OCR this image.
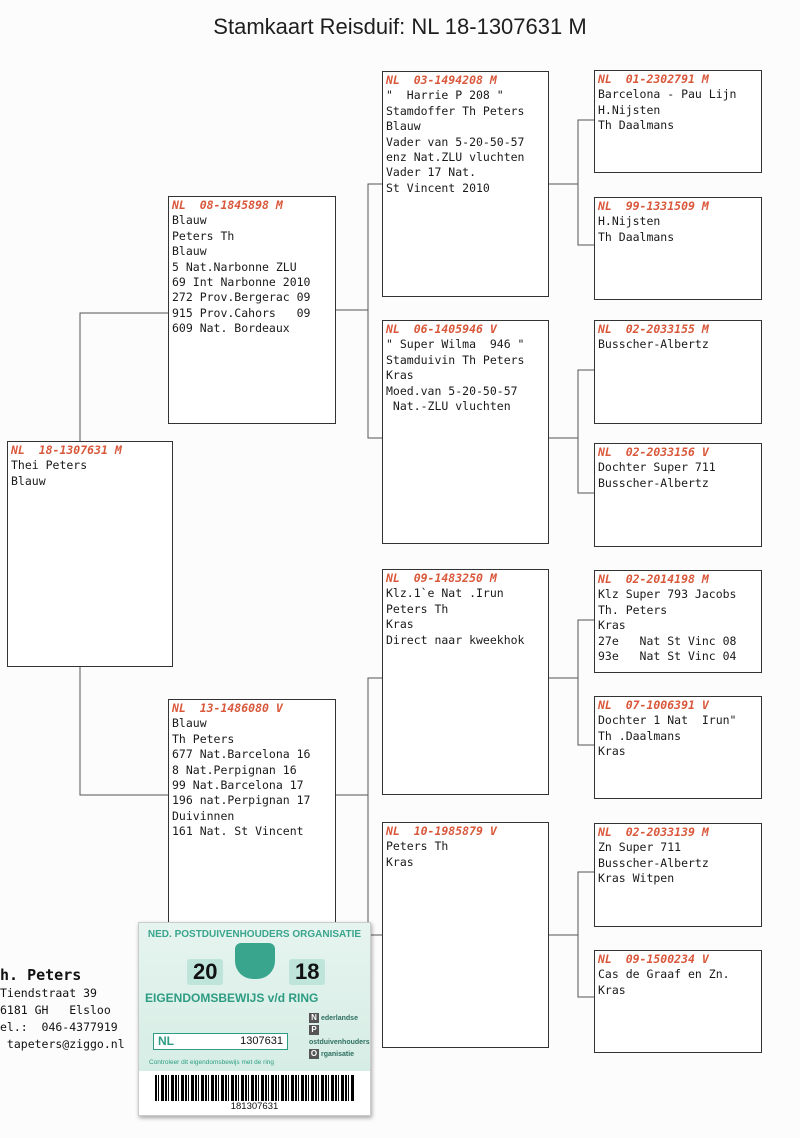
Stamkaart Reisduif: NL 18-1307631 M
NL  18-1307631 M
Thei Peters
Blauw
NL  08-1845898 M
Blauw
Peters Th
Blauw
5 Nat.Narbonne ZLU
69 Int Narbonne 2010
272 Prov.Bergerac 09
915 Prov.Cahors   09
609 Nat. Bordeaux
NL  13-1486080 V
Blauw
Th Peters
677 Nat.Barcelona 16
8 Nat.Perpignan 16
99 Nat.Barcelona 17
196 nat.Perpignan 17
Duivinnen
161 Nat. St Vincent
NL  03-1494208 M
"  Harrie P 208 "
Stamdoffer Th Peters
Blauw
Vader van 5-20-50-57
enz Nat.ZLU vluchten
Vader 17 Nat.
St Vincent 2010
NL  06-1405946 V
" Super Wilma  946 "
Stamduivin Th Peters
Kras
Moed.van 5-20-50-57
Nat.-ZLU vluchten
NL  09-1483250 M
Klz.1`e Nat .Irun
Peters Th
Kras
Direct naar kweekhok
NL  10-1985879 V
Peters Th
Kras
NL  01-2302791 M
Barcelona - Pau Lijn
H.Nijsten
Th Daalmans
NL  99-1331509 M
H.Nijsten
Th Daalmans
NL  02-2033155 M
Busscher-Albertz
NL  02-2033156 V
Dochter Super 711
Busscher-Albertz
NL  02-2014198 M
Klz Super 793 Jacobs
Th. Peters
Kras
27e   Nat St Vinc 08
93e   Nat St Vinc 04
NL  07-1006391 V
Dochter 1 Nat  Irun"
Th .Daalmans
Kras
NL  02-2033139 M
Zn Super 711
Busscher-Albertz
Kras Witpen
NL  09-1500234 V
Cas de Graaf en Zn.
Kras
h. Peters
Tiendstraat 39
6181 GH   Elsloo
el.:  046-4377919
tapeters@ziggo.nl
NED. POSTDUIVENHOUDERS ORGANISATIE
20	18
EIGENDOMSBEWIJS v/d RING
N ederlandse
Postduivenhouders
O rganisatie
NL	1307631
Controleer dit eigendomsbewijs met de ring
181307631
